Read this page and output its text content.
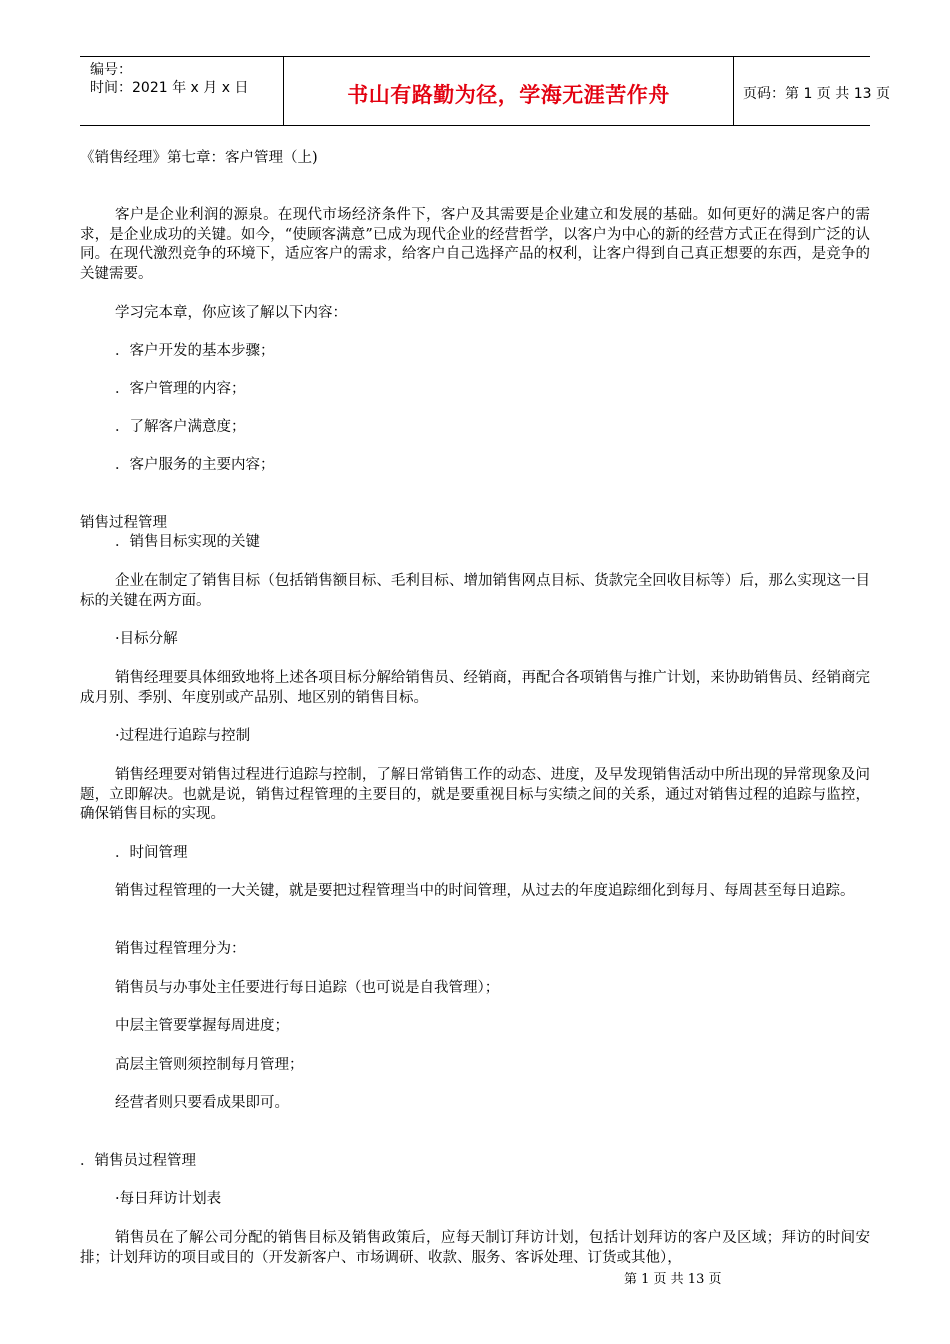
编号：
时间：2021 年 x 月 x 日	书山有路勤为径，学海无涯苦作舟	页码：第 1 页 共 13 页
《销售经理》第七章：客户管理（上)
客户是企业利润的源泉。在现代市场经济条件下，客户及其需要是企业建立和发展的基础。如何更好的满足客户的需求，是企业成功的关键。如今，“使顾客满意”已成为现代企业的经营哲学，以客户为中心的新的经营方式正在得到广泛的认同。在现代激烈竞争的环境下，适应客户的需求，给客户自己选择产品的权利，让客户得到自己真正想要的东西，是竞争的关键需要。
学习完本章，你应该了解以下内容：
．客户开发的基本步骤；
．客户管理的内容；
．了解客户满意度；
．客户服务的主要内容；
销售过程管理
．销售目标实现的关键
企业在制定了销售目标（包括销售额目标、毛利目标、增加销售网点目标、货款完全回收目标等）后，那么实现这一目标的关键在两方面。
·目标分解
销售经理要具体细致地将上述各项目标分解给销售员、经销商，再配合各项销售与推广计划，来协助销售员、经销商完成月别、季别、年度别或产品别、地区别的销售目标。
·过程进行追踪与控制
销售经理要对销售过程进行追踪与控制，了解日常销售工作的动态、进度，及早发现销售活动中所出现的异常现象及问题，立即解决。也就是说，销售过程管理的主要目的，就是要重视目标与实绩之间的关系，通过对销售过程的追踪与监控，确保销售目标的实现。
．时间管理
销售过程管理的一大关键，就是要把过程管理当中的时间管理，从过去的年度追踪细化到每月、每周甚至每日追踪。
销售过程管理分为：
销售员与办事处主任要进行每日追踪（也可说是自我管理）；
中层主管要掌握每周进度；
高层主管则须控制每月管理；
经营者则只要看成果即可。
．销售员过程管理
·每日拜访计划表
销售员在了解公司分配的销售目标及销售政策后，应每天制订拜访计划，包括计划拜访的客户及区域；拜访的时间安排；计划拜访的项目或目的（开发新客户、市场调研、收款、服务、客诉处理、订货或其他），
第 1 页 共 13 页
